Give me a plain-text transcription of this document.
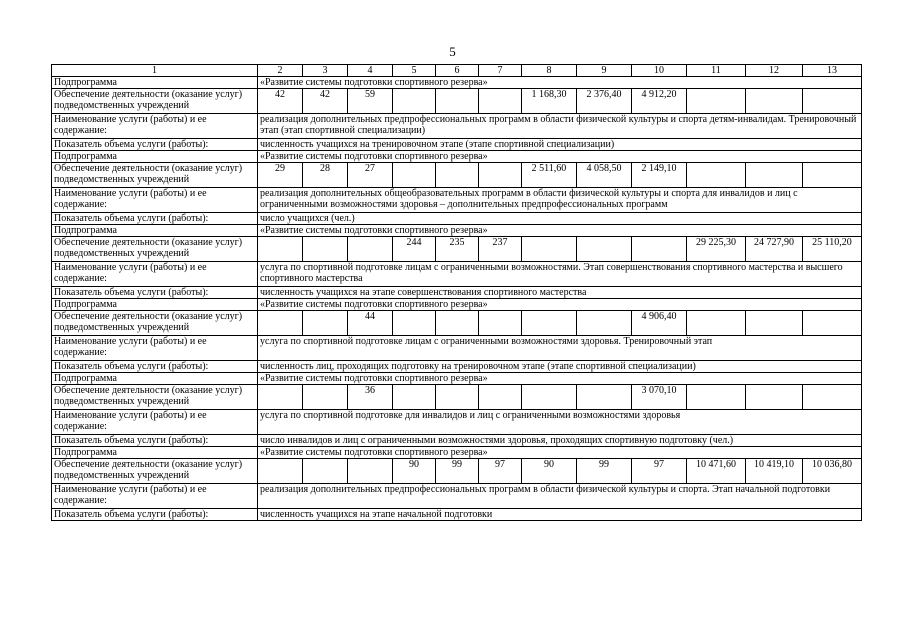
5
1	2	3	4	5	6	7	8	9	10	11	12	13
Подпрограмма	«Развитие системы подготовки спортивного резерва»											
Обеспечение деятельности (оказание услуг) подведомственных учреждений	42	42	59				1 168,30	2 376,40	4 912,20			
Наименование услуги (работы) и ее содержание:	реализация дополнительных предпрофессиональных программ в области физической культуры и спорта детям-инвалидам. Тренировочный этап (этап спортивной специализации)											
Показатель объема услуги (работы):	численность учащихся на тренировочном этапе (этапе спортивной специализации)											
Подпрограмма	«Развитие системы подготовки спортивного резерва»											
Обеспечение деятельности (оказание услуг) подведомственных учреждений	29	28	27				2 511,60	4 058,50	2 149,10			
Наименование услуги (работы) и ее содержание:	реализация дополнительных общеобразовательных программ в области физической культуры и спорта для инвалидов и лиц с ограниченными возможностями здоровья – дополнительных предпрофессиональных программ											
Показатель объема услуги (работы):	число учащихся (чел.)											
Подпрограмма	«Развитие системы подготовки спортивного резерва»											
Обеспечение деятельности (оказание услуг) подведомственных учреждений				244	235	237				29 225,30	24 727,90	25 110,20
Наименование услуги (работы) и ее содержание:	услуга по спортивной подготовке лицам с ограниченными возможностями. Этап совершенствования спортивного мастерства и высшего спортивного мастерства											
Показатель объема услуги (работы):	численность учащихся на этапе совершенствования спортивного мастерства											
Подпрограмма	«Развитие системы подготовки спортивного резерва»											
Обеспечение деятельности (оказание услуг) подведомственных учреждений			44						4 906,40			
Наименование услуги (работы) и ее содержание:	услуга по спортивной подготовке лицам с ограниченными возможностями здоровья. Тренировочный этап											
Показатель объема услуги (работы):	численность лиц, проходящих подготовку на тренировочном этапе (этапе спортивной специализации)											
Подпрограмма	«Развитие системы подготовки спортивного резерва»											
Обеспечение деятельности (оказание услуг) подведомственных учреждений			36						3 070,10			
Наименование услуги (работы) и ее содержание:	услуга по спортивной подготовке для инвалидов и лиц с ограниченными возможностями здоровья											
Показатель объема услуги (работы):	число инвалидов и лиц с ограниченными возможностями здоровья, проходящих спортивную подготовку (чел.)											
Подпрограмма	«Развитие системы подготовки спортивного резерва»											
Обеспечение деятельности (оказание услуг) подведомственных учреждений				90	99	97	90	99	97	10 471,60	10 419,10	10 036,80
Наименование услуги (работы) и ее содержание:	реализация дополнительных предпрофессиональных программ в области физической культуры и спорта. Этап начальной подготовки											
Показатель объема услуги (работы):	численность учащихся на этапе начальной подготовки											
